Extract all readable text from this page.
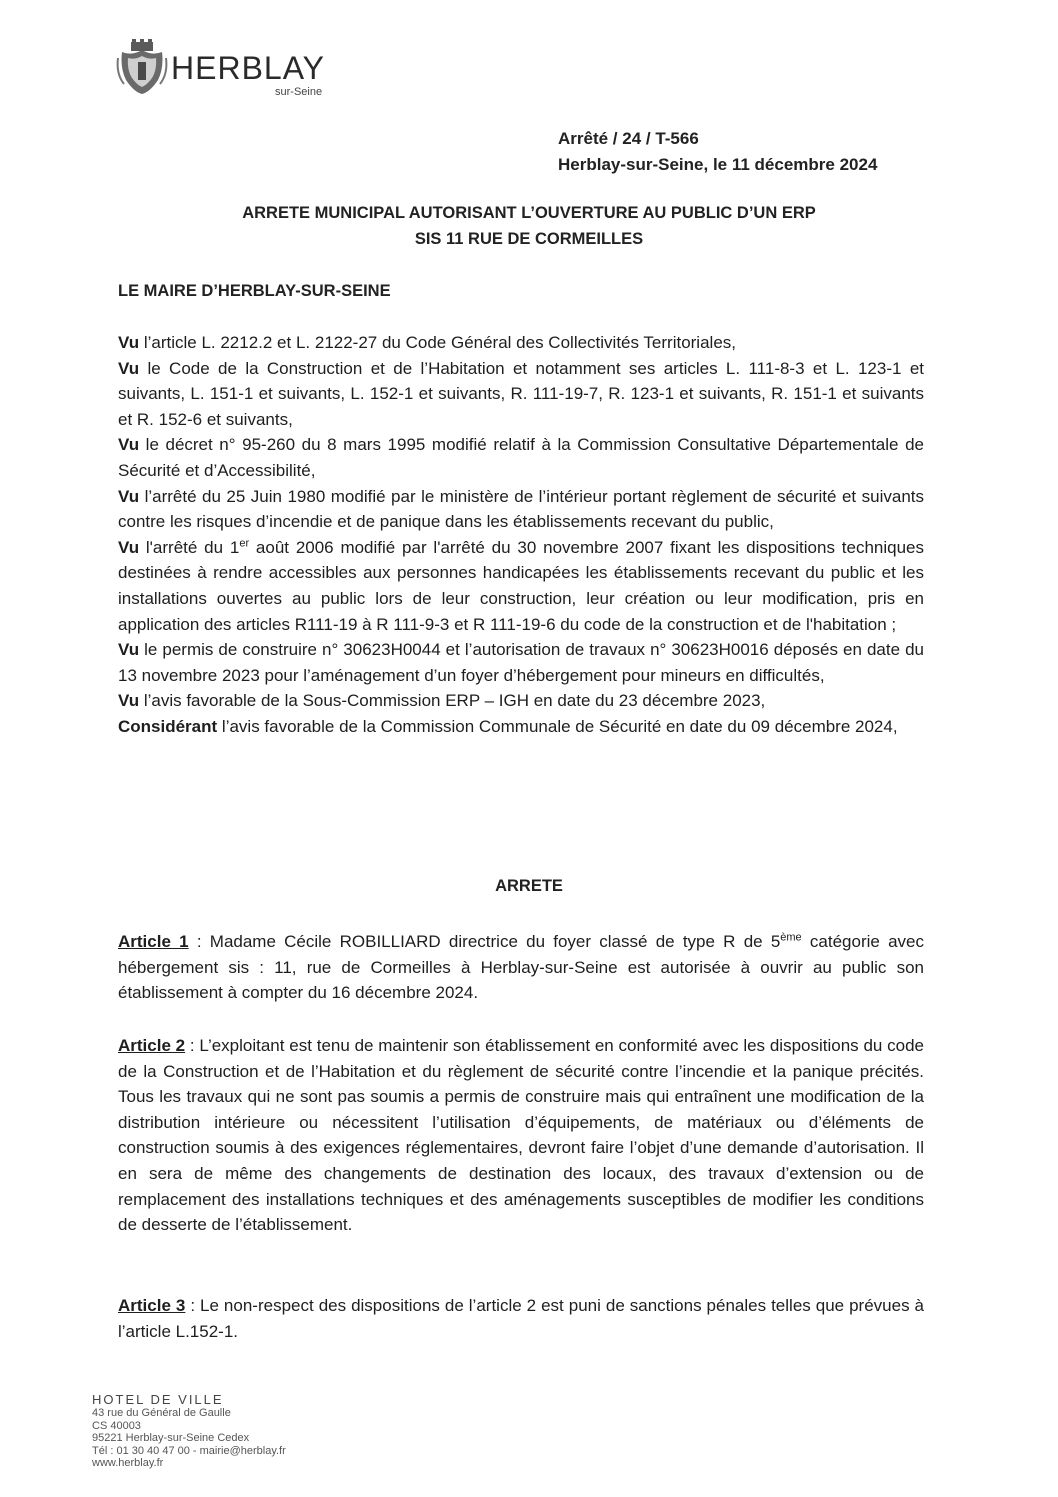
HERBLAY
sur-Seine
Arrêté / 24 / T-566
Herblay-sur-Seine, le 11 décembre 2024
ARRETE MUNICIPAL AUTORISANT L’OUVERTURE AU PUBLIC D’UN ERP
SIS 11 RUE DE CORMEILLES
LE MAIRE D’HERBLAY-SUR-SEINE

Vu l’article L. 2212.2 et L. 2122-27 du Code Général des Collectivités Territoriales,

Vu le Code de la Construction et de l’Habitation et notamment ses articles L. 111-8-3 et L. 123-1 et suivants, L. 151-1 et suivants, L. 152-1 et suivants, R. 111-19-7, R. 123-1 et suivants, R. 151-1 et suivants et R. 152-6 et suivants,

Vu le décret n° 95-260 du 8 mars 1995 modifié relatif à la Commission Consultative Départementale de Sécurité et d’Accessibilité,

Vu l’arrêté du 25 Juin 1980 modifié par le ministère de l’intérieur portant règlement de sécurité et suivants contre les risques d’incendie et de panique dans les établissements recevant du public,

Vu l'arrêté du 1er août 2006 modifié par l'arrêté du 30 novembre 2007 fixant les dispositions techniques destinées à rendre accessibles aux personnes handicapées les établissements recevant du public et les installations ouvertes au public lors de leur construction, leur création ou leur modification, pris en application des articles R111-19 à R 111-9-3 et R 111-19-6 du code de la construction et de l'habitation ;

Vu le permis de construire n° 30623H0044 et l’autorisation de travaux n° 30623H0016 déposés en date du 13 novembre 2023 pour l’aménagement d’un foyer d’hébergement pour mineurs en difficultés,

Vu l’avis favorable de la Sous-Commission ERP – IGH en date du 23 décembre 2023,

Considérant l’avis favorable de la Commission Communale de Sécurité en date du 09 décembre 2024,

ARRETE

Article 1 : Madame Cécile ROBILLIARD directrice du foyer classé de type R de 5ème catégorie avec hébergement sis : 11, rue de Cormeilles à Herblay-sur-Seine est autorisée à ouvrir au public son établissement à compter du 16 décembre 2024.

Article 2 : L’exploitant est tenu de maintenir son établissement en conformité avec les dispositions du code de la Construction et de l’Habitation et du règlement de sécurité contre l’incendie et la panique précités. Tous les travaux qui ne sont pas soumis a permis de construire mais qui entraînent une modification de la distribution intérieure ou nécessitent l’utilisation d’équipements, de matériaux ou d’éléments de construction soumis à des exigences réglementaires, devront faire l’objet d’une demande d’autorisation. Il en sera de même des changements de destination des locaux, des travaux d’extension ou de remplacement des installations techniques et des aménagements susceptibles de modifier les conditions de desserte de l’établissement.

Article 3 : Le non-respect des dispositions de l’article 2 est puni de sanctions pénales telles que prévues à l’article L.152-1.

HOTEL DE VILLE
43 rue du Général de Gaulle
CS 40003
95221 Herblay-sur-Seine Cedex
Tél : 01 30 40 47 00 - mairie@herblay.fr
www.herblay.fr
